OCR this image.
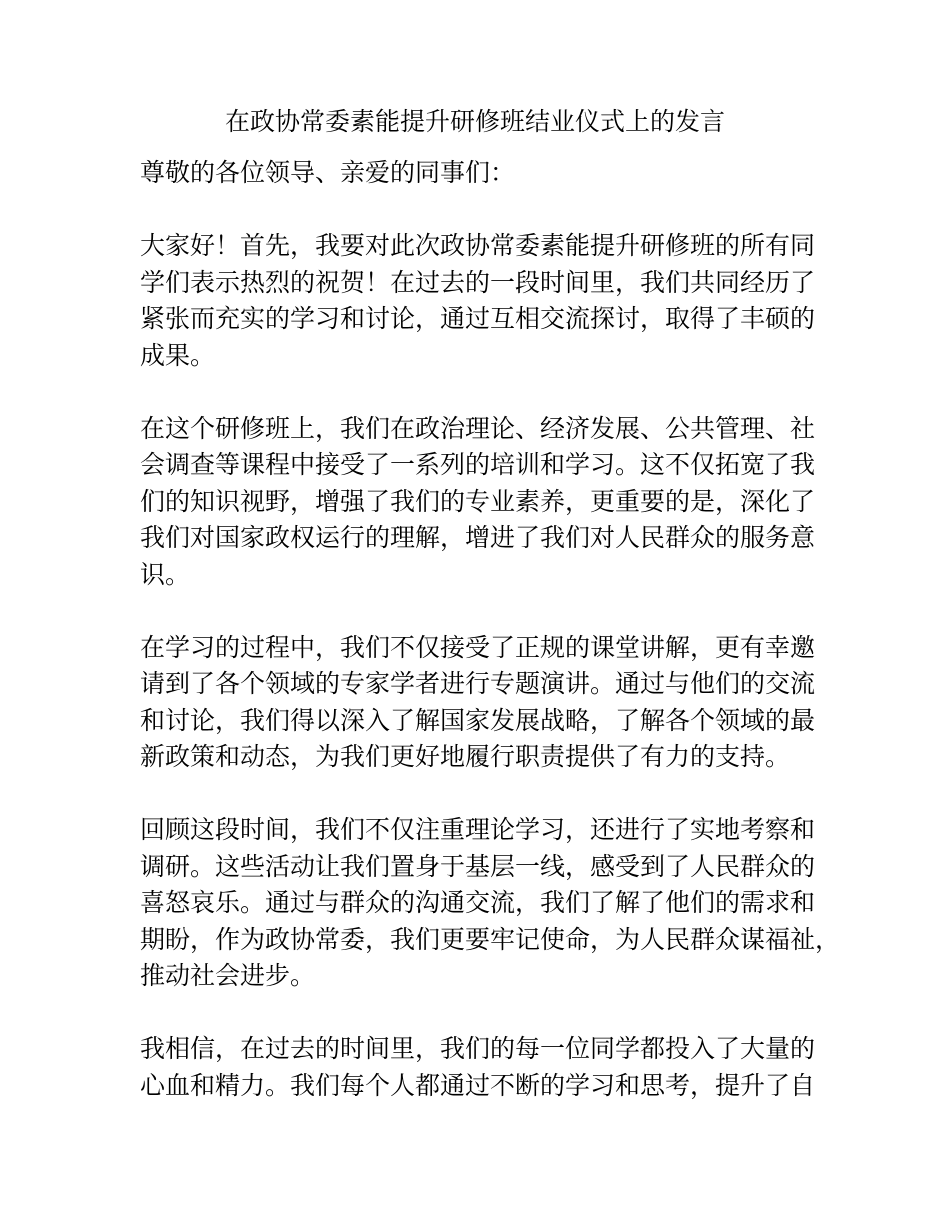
在政协常委素能提升研修班结业仪式上的发言
尊敬的各位领导、亲爱的同事们：
大家好！首先，我要对此次政协常委素能提升研修班的所有同
学们表示热烈的祝贺！在过去的一段时间里，我们共同经历了
紧张而充实的学习和讨论，通过互相交流探讨，取得了丰硕的
成果。
在这个研修班上，我们在政治理论、经济发展、公共管理、社
会调查等课程中接受了一系列的培训和学习。这不仅拓宽了我
们的知识视野，增强了我们的专业素养，更重要的是，深化了
我们对国家政权运行的理解，增进了我们对人民群众的服务意
识。
在学习的过程中，我们不仅接受了正规的课堂讲解，更有幸邀
请到了各个领域的专家学者进行专题演讲。通过与他们的交流
和讨论，我们得以深入了解国家发展战略，了解各个领域的最
新政策和动态，为我们更好地履行职责提供了有力的支持。
回顾这段时间，我们不仅注重理论学习，还进行了实地考察和
调研。这些活动让我们置身于基层一线，感受到了人民群众的
喜怒哀乐。通过与群众的沟通交流，我们了解了他们的需求和
期盼，作为政协常委，我们更要牢记使命，为人民群众谋福祉，
推动社会进步。
我相信，在过去的时间里，我们的每一位同学都投入了大量的
心血和精力。我们每个人都通过不断的学习和思考，提升了自
